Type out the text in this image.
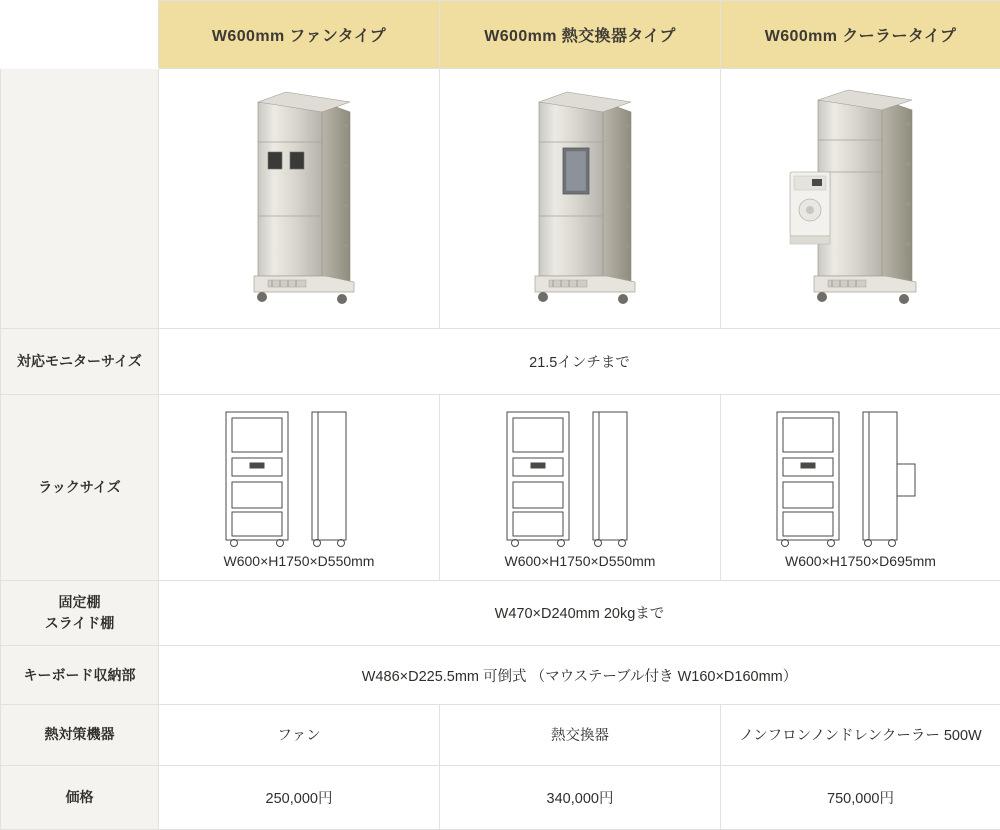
	W600mm ファンタイプ	W600mm 熱交換器タイプ	W600mm クーラータイプ

対応モニターサイズ	21.5インチまで		
ラックサイズ	W600×H1750×D550mm	W600×H1750×D550mm	W600×H1750×D695mm

固定棚
スライド棚	W470×D240mm 20kgまで		
キーボード収納部	W486×D225.5mm 可倒式 （マウステーブル付き W160×D160mm）		
熱対策機器	ファン	熱交換器	ノンフロンノンドレンクーラー 500W
価格	250,000円	340,000円	750,000円
